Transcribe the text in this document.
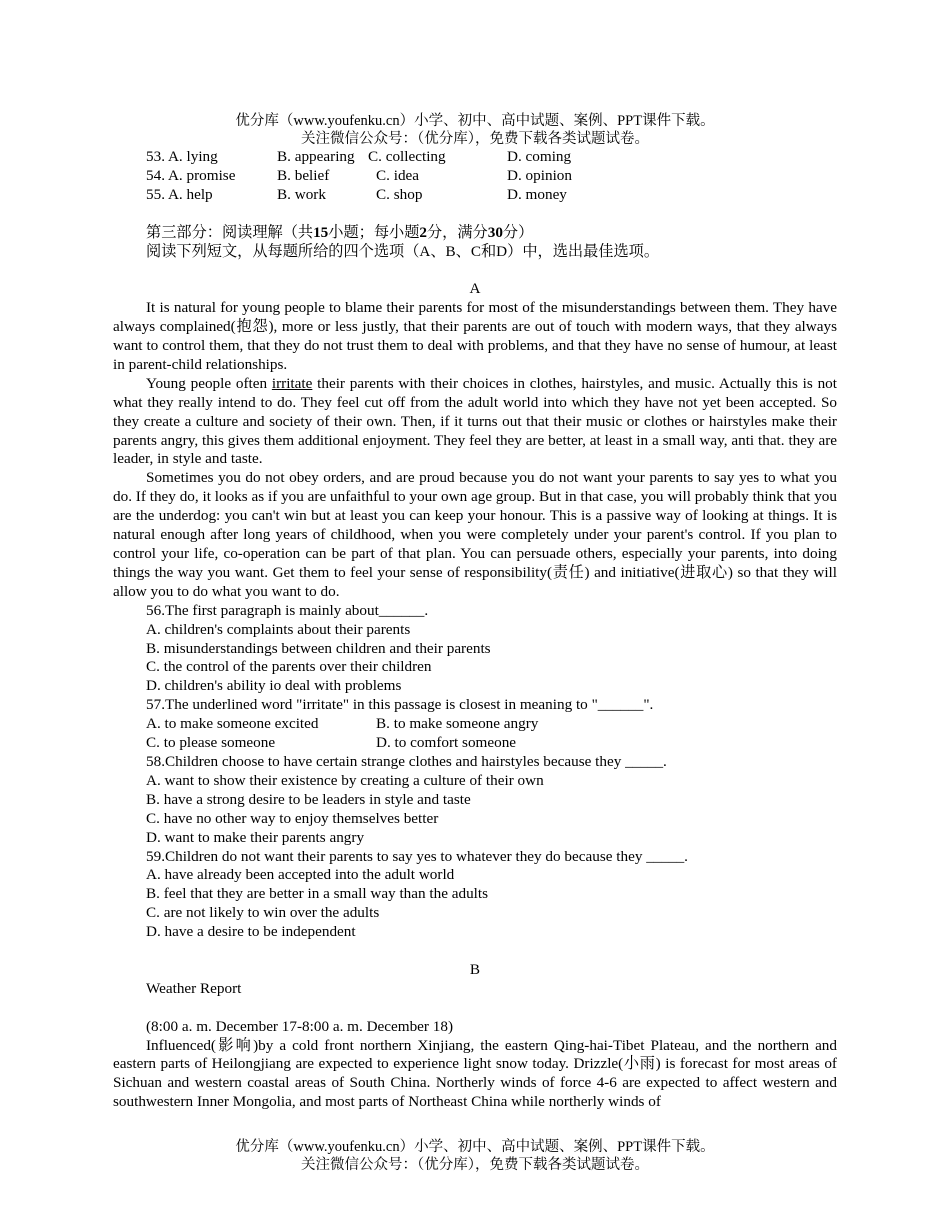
优分库（www.youfenku.cn）小学、初中、高中试题、案例、PPT课件下载。
关注微信公众号：（优分库），免费下载各类试题试卷。
53. A. lying	B. appearing C. collecting	D. coming
54. A. promise	B. belief	C. idea	D. opinion
55. A. help	B. work	C. shop	D. money
第三部分：阅读理解（共15小题；每小题2分，满分30分）
阅读下列短文，从每题所给的四个选项（A、B、C和D）中，选出最佳选项。
A

It is natural for young people to blame their parents for most of the misunderstandings between them. They have always complained(抱怨), more or less justly, that their parents are out of touch with modern ways, that they always want to control them, that they do not trust them to deal with problems, and that they have no sense of humour, at least in parent-child relationships.

Young people often irritate their parents with their choices in clothes, hairstyles, and music. Actually this is not what they really intend to do. They feel cut off from the adult world into which they have not yet been accepted. So they create a culture and society of their own. Then, if it turns out that their music or clothes or hairstyles make their parents angry, this gives them additional enjoyment. They feel they are better, at least in a small way, anti that. they are leader, in style and taste.

Sometimes you do not obey orders, and are proud because you do not want your parents to say yes to what you do. If they do, it looks as if you are unfaithful to your own age group. But in that case, you will probably think that you are the underdog: you can't win but at least you can keep your honour. This is a passive way of looking at things. It is natural enough after long years of childhood, when you were completely under your parent's control. If you plan to control your life, co-operation can be part of that plan. You can persuade others, especially your parents, into doing things the way you want. Get them to feel your sense of responsibility(责任) and initiative(进取心) so that they will allow you to do what you want to do.

56.The first paragraph is mainly about______.
A. children's complaints about their parents
B. misunderstandings between children and their parents
C. the control of the parents over their children
D. children's ability io deal with problems
57.The underlined word "irritate" in this passage is closest in meaning to "______".
A. to make someone excited	B. to make someone angry
C. to please someone	D. to comfort someone
58.Children choose to have certain strange clothes and hairstyles because they _____.
A. want to show their existence by creating a culture of their own
B. have a strong desire to be leaders in style and taste
C. have no other way to enjoy themselves better
D. want to make their parents angry
59.Children do not want their parents to say yes to whatever they do because they _____.
A. have already been accepted into the adult world
B. feel that they are better in a small way than the adults
C. are not likely to win over the adults
D. have a desire to be independent
B
Weather Report
(8:00 a. m. December 17-8:00 a. m. December 18)

Influenced(影响)by a cold front northern Xinjiang, the eastern Qing-hai-Tibet Plateau, and the northern and eastern parts of Heilongjiang are expected to experience light snow today. Drizzle(小雨) is forecast for most areas of Sichuan and western coastal areas of South China. Northerly winds of force 4-6 are expected to affect western and southwestern Inner Mongolia, and most parts of Northeast China while northerly winds of

优分库（www.youfenku.cn）小学、初中、高中试题、案例、PPT课件下载。
关注微信公众号：（优分库），免费下载各类试题试卷。
